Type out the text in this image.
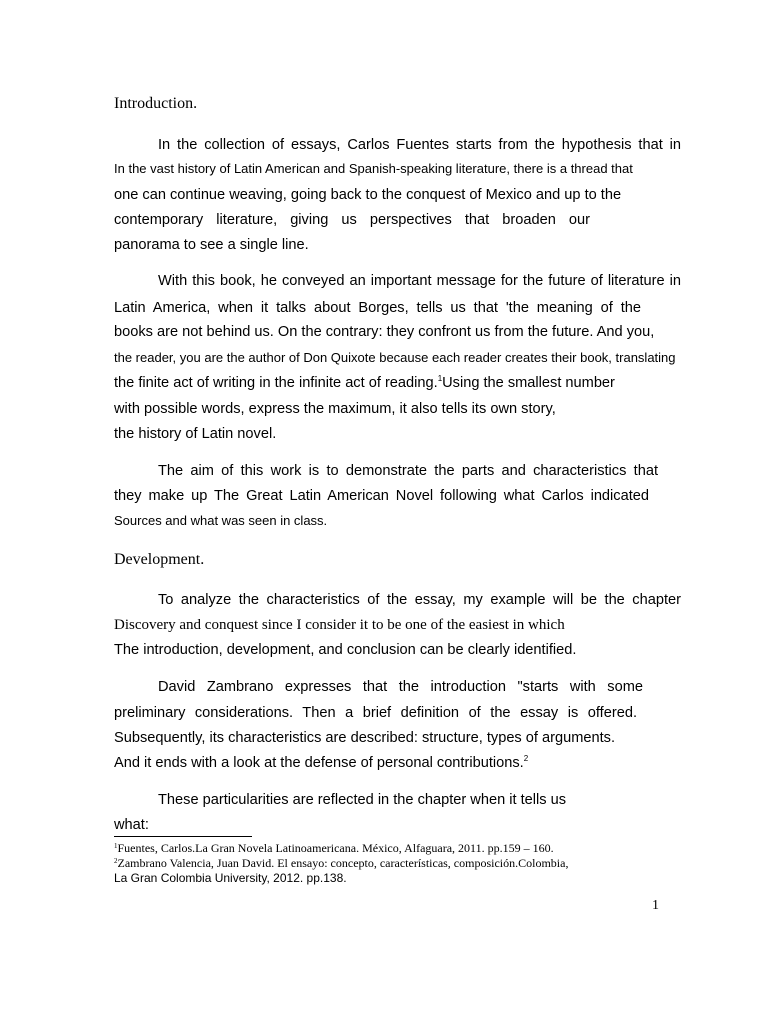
Introduction.
In the collection of essays, Carlos Fuentes starts from the hypothesis that in
In the vast history of Latin American and Spanish-speaking literature, there is a thread that
one can continue weaving, going back to the conquest of Mexico and up to the
contemporary literature, giving us perspectives that broaden our
panorama to see a single line.
With this book, he conveyed an important message for the future of literature in
Latin America, when it talks about Borges, tells us that 'the meaning of the
books are not behind us. On the contrary: they confront us from the future. And you,
the reader, you are the author of Don Quixote because each reader creates their book, translating
the finite act of writing in the infinite act of reading.$^1$Using the smallest number
with possible words, express the maximum, it also tells its own story,
the history of Latin novel.
The aim of this work is to demonstrate the parts and characteristics that
they make up The Great Latin American Novel following what Carlos indicated
Sources and what was seen in class.
Development.
To analyze the characteristics of the essay, my example will be the chapter
Discovery and conquest since I consider it to be one of the easiest in which
The introduction, development, and conclusion can be clearly identified.
David Zambrano expresses that the introduction "starts with some
preliminary considerations. Then a brief definition of the essay is offered.
Subsequently, its characteristics are described: structure, types of arguments.
And it ends with a look at the defense of personal contributions.$^2$
These particularities are reflected in the chapter when it tells us
what:
$^1$Fuentes, Carlos.La Gran Novela Latinoamericana. México, Alfaguara, 2011. pp.159 – 160.
$^2$Zambrano Valencia, Juan David. El ensayo: concepto, características, composición.Colombia,
La Gran Colombia University, 2012. pp.138.
1
